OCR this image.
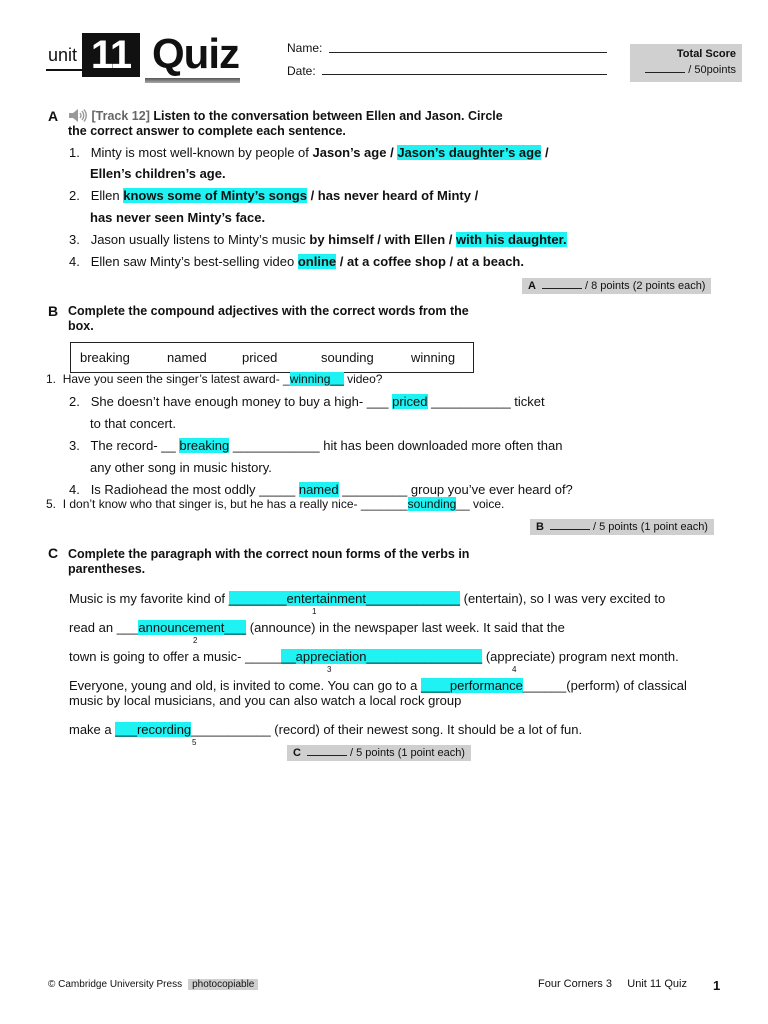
unit 11 Quiz	Name:
Date:
Total Score
/ 50points
A	[Track 12] Listen to the conversation between Ellen and Jason. Circle
the correct answer to complete each sentence.
1. Minty is most well-known by people of Jason’s age / Jason’s daughter’s age /
Ellen’s children’s age.
2. Ellen knows some of Minty’s songs / has never heard of Minty /
has never seen Minty’s face.
3. Jason usually listens to Minty’s music by himself / with Ellen / with his daughter.
4. Ellen saw Minty’s best-selling video online / at a coffee shop / at a beach.
A	/ 8 points (2 points each)
B Complete the compound adjectives with the correct words from the
box.
breaking	named	priced	sounding	winning
1. Have you seen the singer’s latest award- _winning__ video?
2. She doesn’t have enough money to buy a high- ___ priced ___________ ticket
to that concert.
3. The record- __ breaking ____________ hit has been downloaded more often than
any other song in music history.
4. Is Radiohead the most oddly _____ named _________ group you’ve ever heard of?
5. I don’t know who that singer is, but he has a really nice- _______sounding__ voice.
B	/ 5 points (1 point each)
C Complete the paragraph with the correct noun forms of the verbs in
parentheses.
Music is my favorite kind of ________entertainment_____________ (entertain), so I was very excited to
1
read an ___announcement___ (announce) in the newspaper last week. It said that the
2
town is going to offer a music- _______appreciation________________ (appreciate) program next month.
3	4
Everyone, young and old, is invited to come. You can go to a ____performance______(perform) of classical
music by local musicians, and you can also watch a local rock group
make a ___recording___________ (record) of their newest song. It should be a lot of fun.
5
C	/ 5 points (1 point each)
© Cambridge University Press photocopiable	Four Corners 3 Unit 11 Quiz 1
